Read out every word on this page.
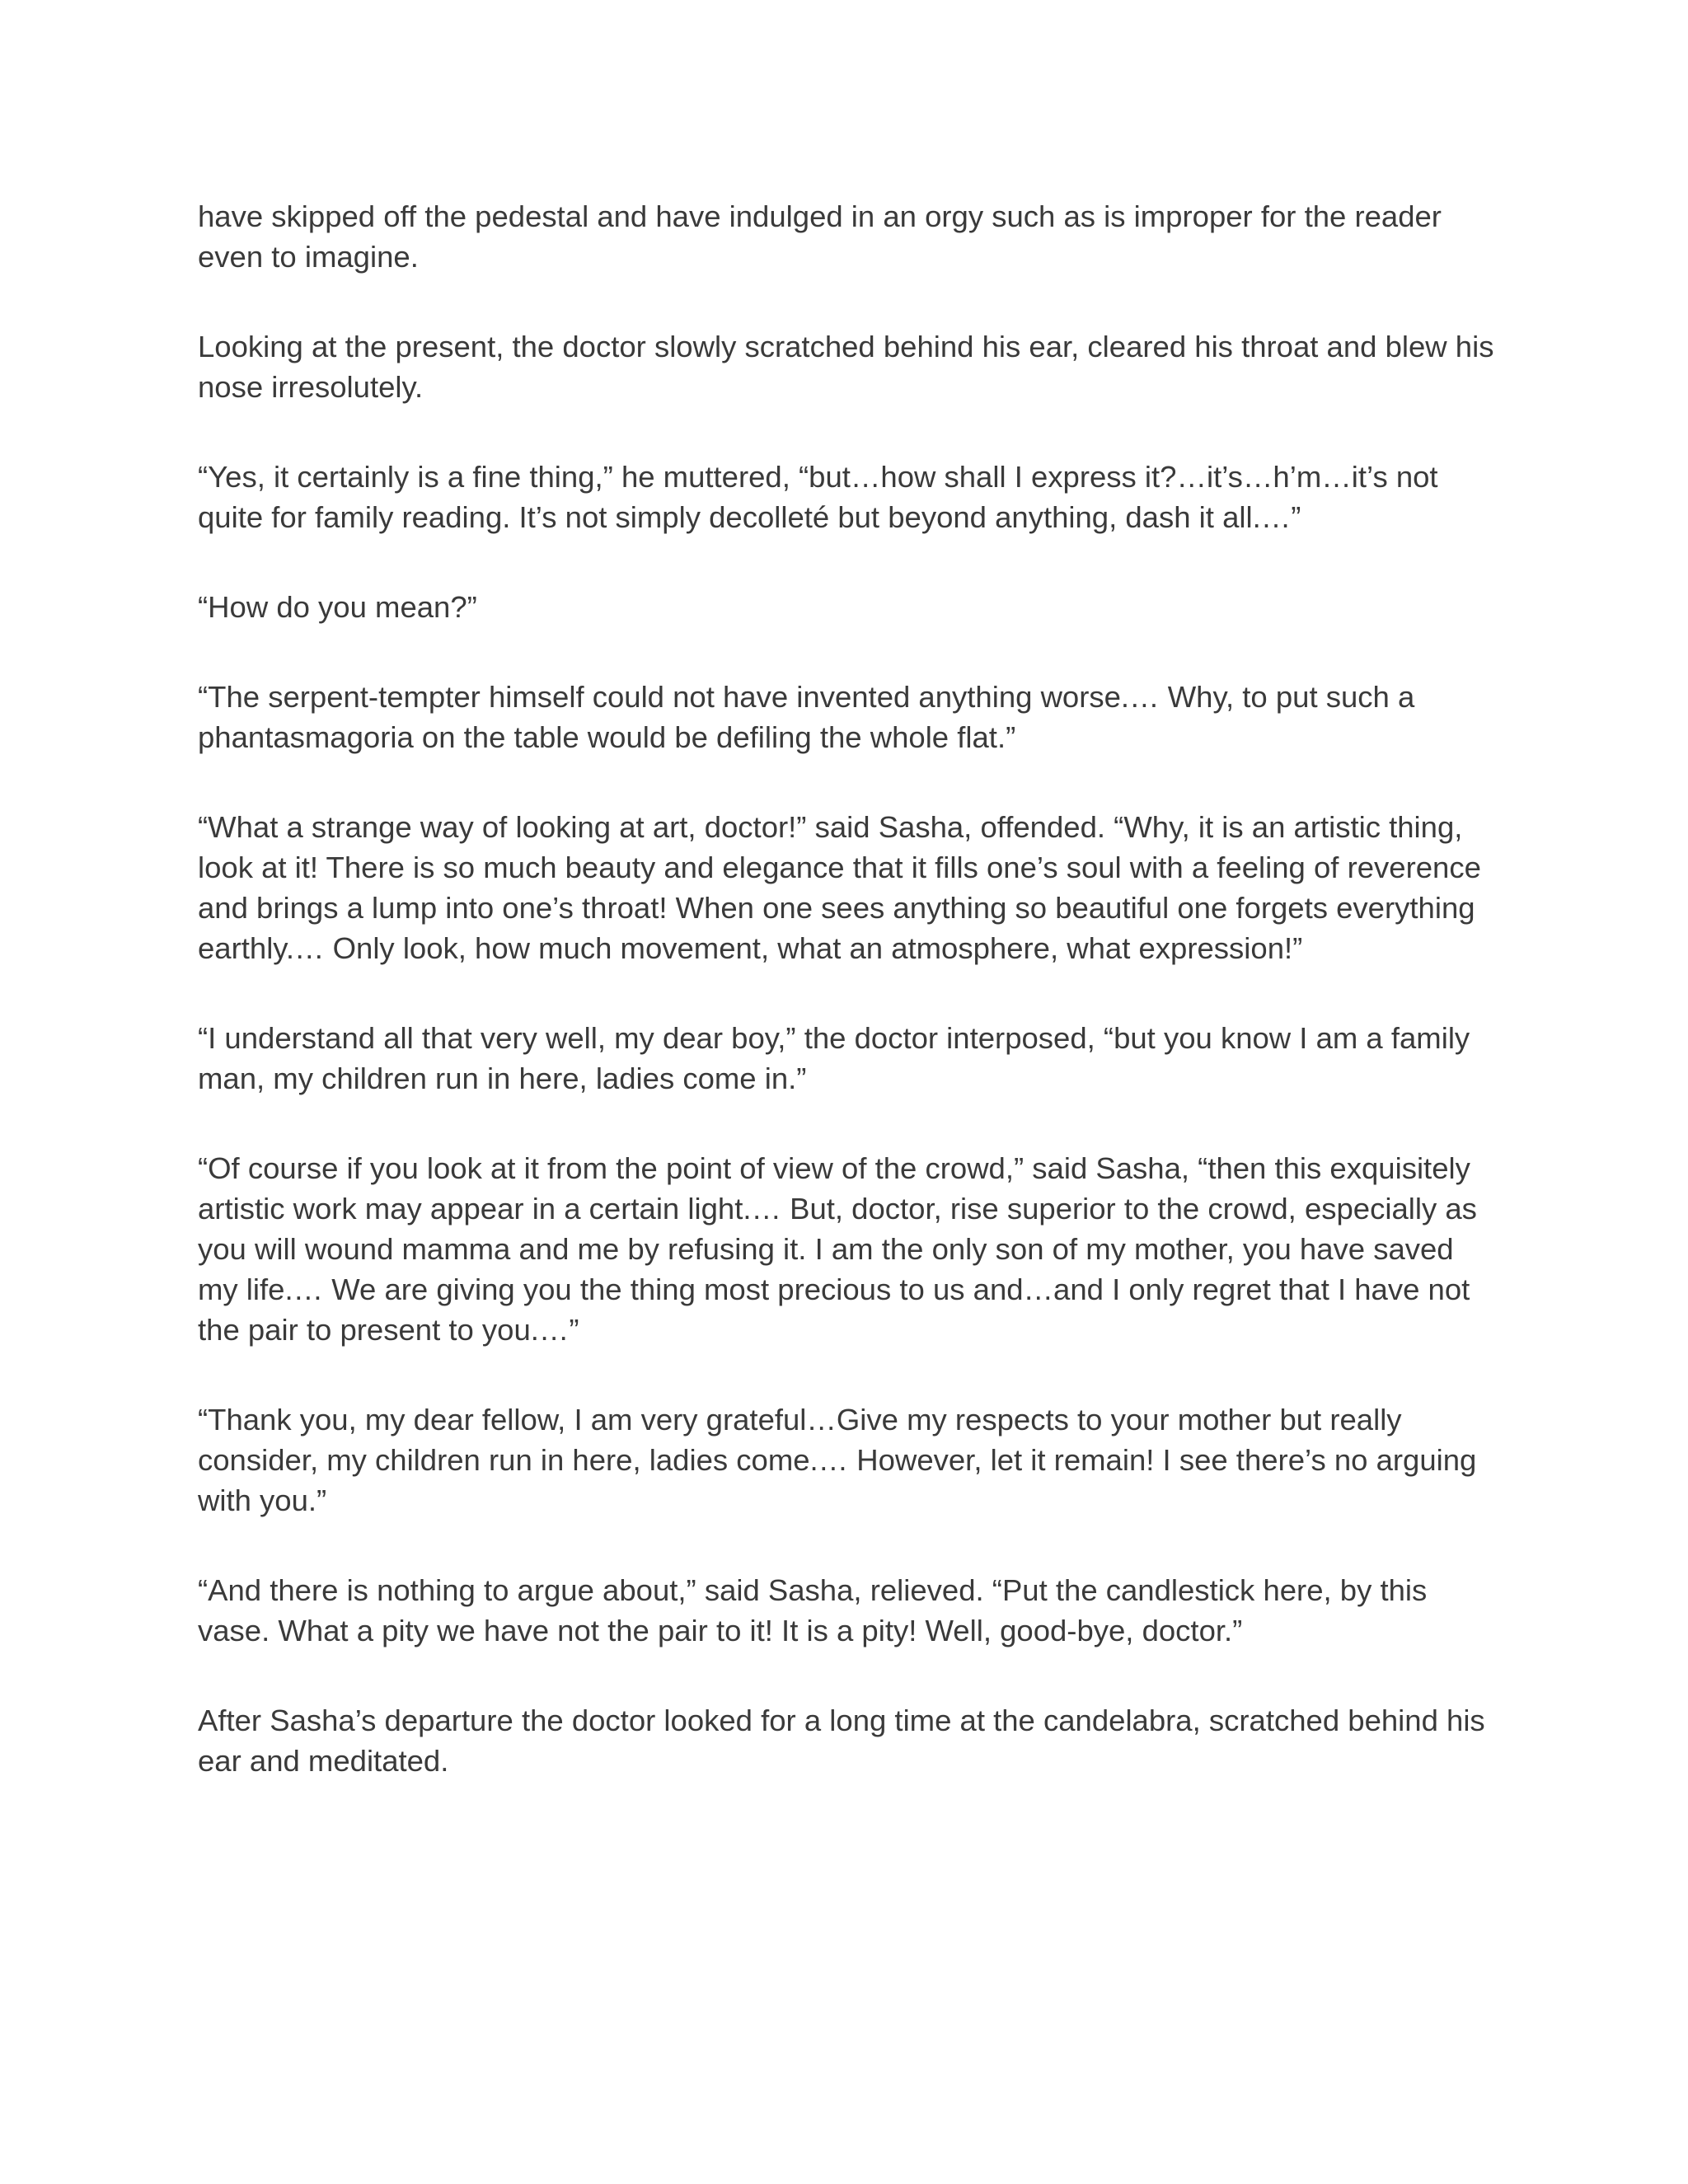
have skipped off the pedestal and have indulged in an orgy such as is improper for the reader even to imagine.

Looking at the present, the doctor slowly scratched behind his ear, cleared his throat and blew his nose irresolutely.

“Yes, it certainly is a fine thing,” he muttered, “but…how shall I express it?…it’s…h’m…it’s not quite for family reading. It’s not simply decolleté but beyond anything, dash it all.…”

“How do you mean?”

“The serpent-tempter himself could not have invented anything worse.… Why, to put such a phantasmagoria on the table would be defiling the whole flat.”

“What a strange way of looking at art, doctor!” said Sasha, offended. “Why, it is an artistic thing, look at it! There is so much beauty and elegance that it fills one’s soul with a feeling of reverence and brings a lump into one’s throat! When one sees anything so beautiful one forgets everything earthly.… Only look, how much movement, what an atmosphere, what expression!”

“I understand all that very well, my dear boy,” the doctor interposed, “but you know I am a family man, my children run in here, ladies come in.”

“Of course if you look at it from the point of view of the crowd,” said Sasha, “then this exquisitely artistic work may appear in a certain light.… But, doctor, rise superior to the crowd, especially as you will wound mamma and me by refusing it. I am the only son of my mother, you have saved my life.… We are giving you the thing most precious to us and…and I only regret that I have not the pair to present to you.…”

“Thank you, my dear fellow, I am very grateful…Give my respects to your mother but really consider, my children run in here, ladies come.… However, let it remain! I see there’s no arguing with you.”

“And there is nothing to argue about,” said Sasha, relieved. “Put the candlestick here, by this vase. What a pity we have not the pair to it! It is a pity! Well, good-bye, doctor.”

After Sasha’s departure the doctor looked for a long time at the candelabra, scratched behind his ear and meditated.
